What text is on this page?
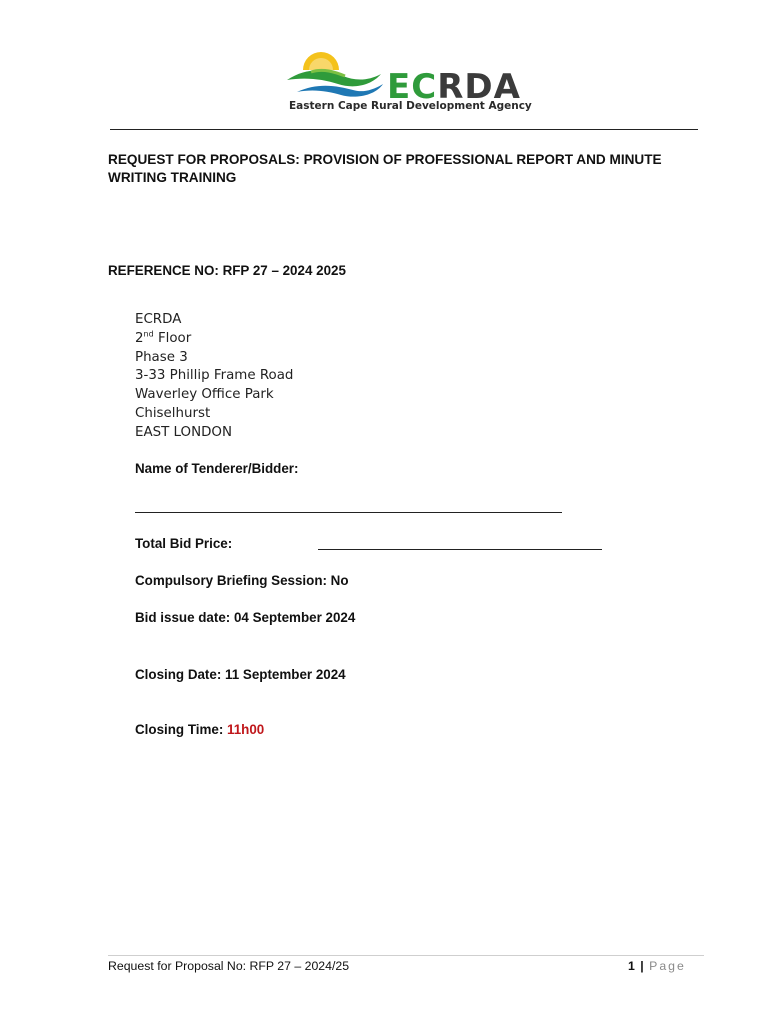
ECRDA
Eastern Cape Rural Development Agency
REQUEST FOR PROPOSALS: PROVISION OF PROFESSIONAL REPORT AND MINUTE
WRITING TRAINING
REFERENCE NO: RFP 27 – 2024 2025
ECRDA
2nd Floor
Phase 3
3-33 Phillip Frame Road
Waverley Office Park
Chiselhurst
EAST LONDON
Name of Tenderer/Bidder:
Total Bid Price:
Compulsory Briefing Session: No
Bid issue date: 04 September 2024
Closing Date: 11 September 2024
Closing Time: 11h00
Request for Proposal No: RFP 27 – 2024/25	1 | Page
